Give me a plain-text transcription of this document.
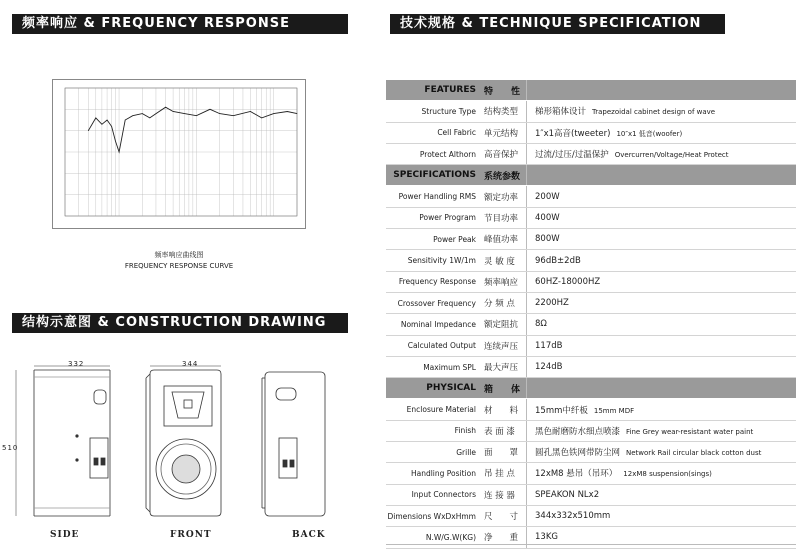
频率响应 & FREQUENCY RESPONSE	技术规格 & TECHNIQUE SPECIFICATION
结构示意图 & CONSTRUCTION DRAWING
频率响应曲线图
FREQUENCY RESPONSE CURVE
332	344
510
SIDE	FRONT	BACK
FEATURES	特　　性	
Structure Type	结构类型	梯形箱体设计 Trapezoidal cabinet design of wave
Cell Fabric	单元结构	1″x1高音(tweeter) 10″x1 低音(woofer)
Protect Althorn	高音保护	过流/过压/过温保护 Overcurren/Voltage/Heat Protect
SPECIFICATIONS	系统参数	
Power Handling RMS	额定功率	200W
Power Program	节目功率	400W
Power Peak	峰值功率	800W
Sensitivity 1W/1m	灵 敏 度	96dB±2dB
Frequency Response	频率响应	60HZ-18000HZ
Crossover Frequency	分 频 点	2200HZ
Nominal Impedance	额定阻抗	8Ω
Calculated Output	连续声压	117dB
Maximum SPL	最大声压	124dB
PHYSICAL	箱　　体	
Enclosure Material	材　　料	15mm中纤板 15mm MDF
Finish	表 面 漆	黑色耐磨防水细点喷漆 Fine Grey wear-resistant water paint
Grille	面　　罩	圆孔黑色铁网带防尘网 Network Rail circular black cotton dust
Handling Position	吊 挂 点	12xM8 悬吊（吊环） 12xM8 suspension(sings)
Input Connectors	连 接 器	SPEAKON NLx2
Dimensions WxDxHmm	尺　　寸	344x332x510mm
N.W/G.W(KG)	净　　重	13KG
